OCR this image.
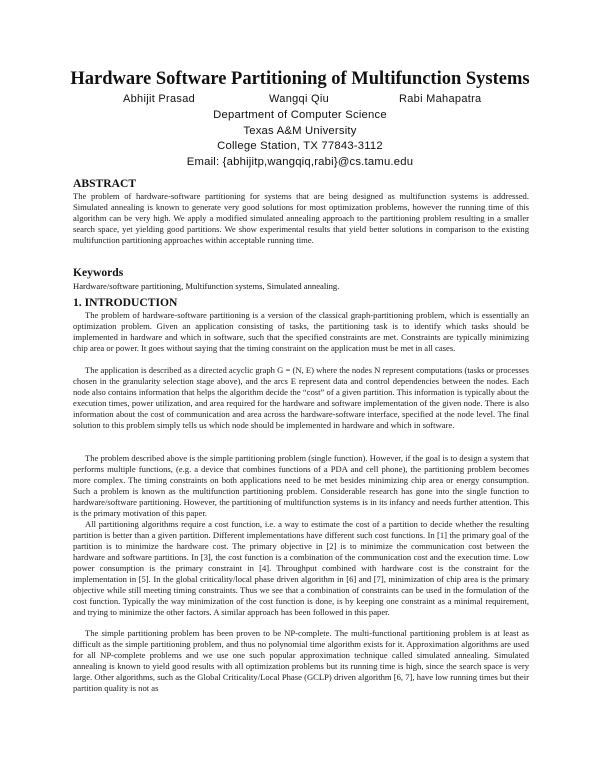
Hardware Software Partitioning of Multifunction Systems
Abhijit Prasad	Wangqi Qiu	Rabi Mahapatra
Department of Computer Science
Texas A&M University
College Station, TX 77843-3112
Email: {abhijitp,wangqiq,rabi}@cs.tamu.edu
ABSTRACT

The problem of hardware-software partitioning for systems that are being designed as multifunction systems is addressed. Simulated annealing is known to generate very good solutions for most optimization problems, however the running time of this algorithm can be very high. We apply a modified simulated annealing approach to the partitioning problem resulting in a smaller search space, yet yielding good partitions. We show experimental results that yield better solutions in comparison to the existing multifunction partitioning approaches within acceptable running time.

Keywords

Hardware/software partitioning, Multifunction systems, Simulated annealing.

1. INTRODUCTION

The problem of hardware-software partitioning is a version of the classical graph-partitioning problem, which is essentially an optimization problem. Given an application consisting of tasks, the partitioning task is to identify which tasks should be implemented in hardware and which in software, such that the specified constraints are met. Constraints are typically minimizing chip area or power. It goes without saying that the timing constraint on the application must be met in all cases.

The application is described as a directed acyclic graph G = (N, E) where the nodes N represent computations (tasks or processes chosen in the granularity selection stage above), and the arcs E represent data and control dependencies between the nodes. Each node also contains information that helps the algorithm decide the “cost” of a given partition. This information is typically about the execution times, power utilization, and area required for the hardware and software implementation of the given node. There is also information about the cost of communication and area across the hardware-software interface, specified at the node level. The final solution to this problem simply tells us which node should be implemented in hardware and which in software.

The problem described above is the simple partitioning problem (single function). However, if the goal is to design a system that performs multiple functions, (e.g. a device that combines functions of a PDA and cell phone), the partitioning problem becomes more complex. The timing constraints on both applications need to be met besides minimizing chip area or energy consumption. Such a problem is known as the multifunction partitioning problem. Considerable research has gone into the single function to hardware/software partitioning. However, the partitioning of multifunction systems is in its infancy and needs further attention. This is the primary motivation of this paper.

All partitioning algorithms require a cost function, i.e. a way to estimate the cost of a partition to decide whether the resulting partition is better than a given partition. Different implementations have different such cost functions. In [1] the primary goal of the partition is to minimize the hardware cost. The primary objective in [2] is to minimize the communication cost between the hardware and software partitions. In [3], the cost function is a combination of the communication cost and the execution time. Low power consumption is the primary constraint in [4]. Throughput combined with hardware cost is the constraint for the implementation in [5]. In the global criticality/local phase driven algorithm in [6] and [7], minimization of chip area is the primary objective while still meeting timing constraints. Thus we see that a combination of constraints can be used in the formulation of the cost function. Typically the way minimization of the cost function is done, is by keeping one constraint as a minimal requirement, and trying to minimize the other factors. A similar approach has been followed in this paper.

The simple partitioning problem has been proven to be NP-complete. The multi-functional partitioning problem is at least as difficult as the simple partitioning problem, and thus no polynomial time algorithm exists for it. Approximation algorithms are used for all NP-complete problems and we use one such popular approximation technique called simulated annealing. Simulated annealing is known to yield good results with all optimization problems but its running time is high, since the search space is very large. Other algorithms, such as the Global Criticality/Local Phase (GCLP) driven algorithm [6, 7], have low running times but their partition quality is not as
